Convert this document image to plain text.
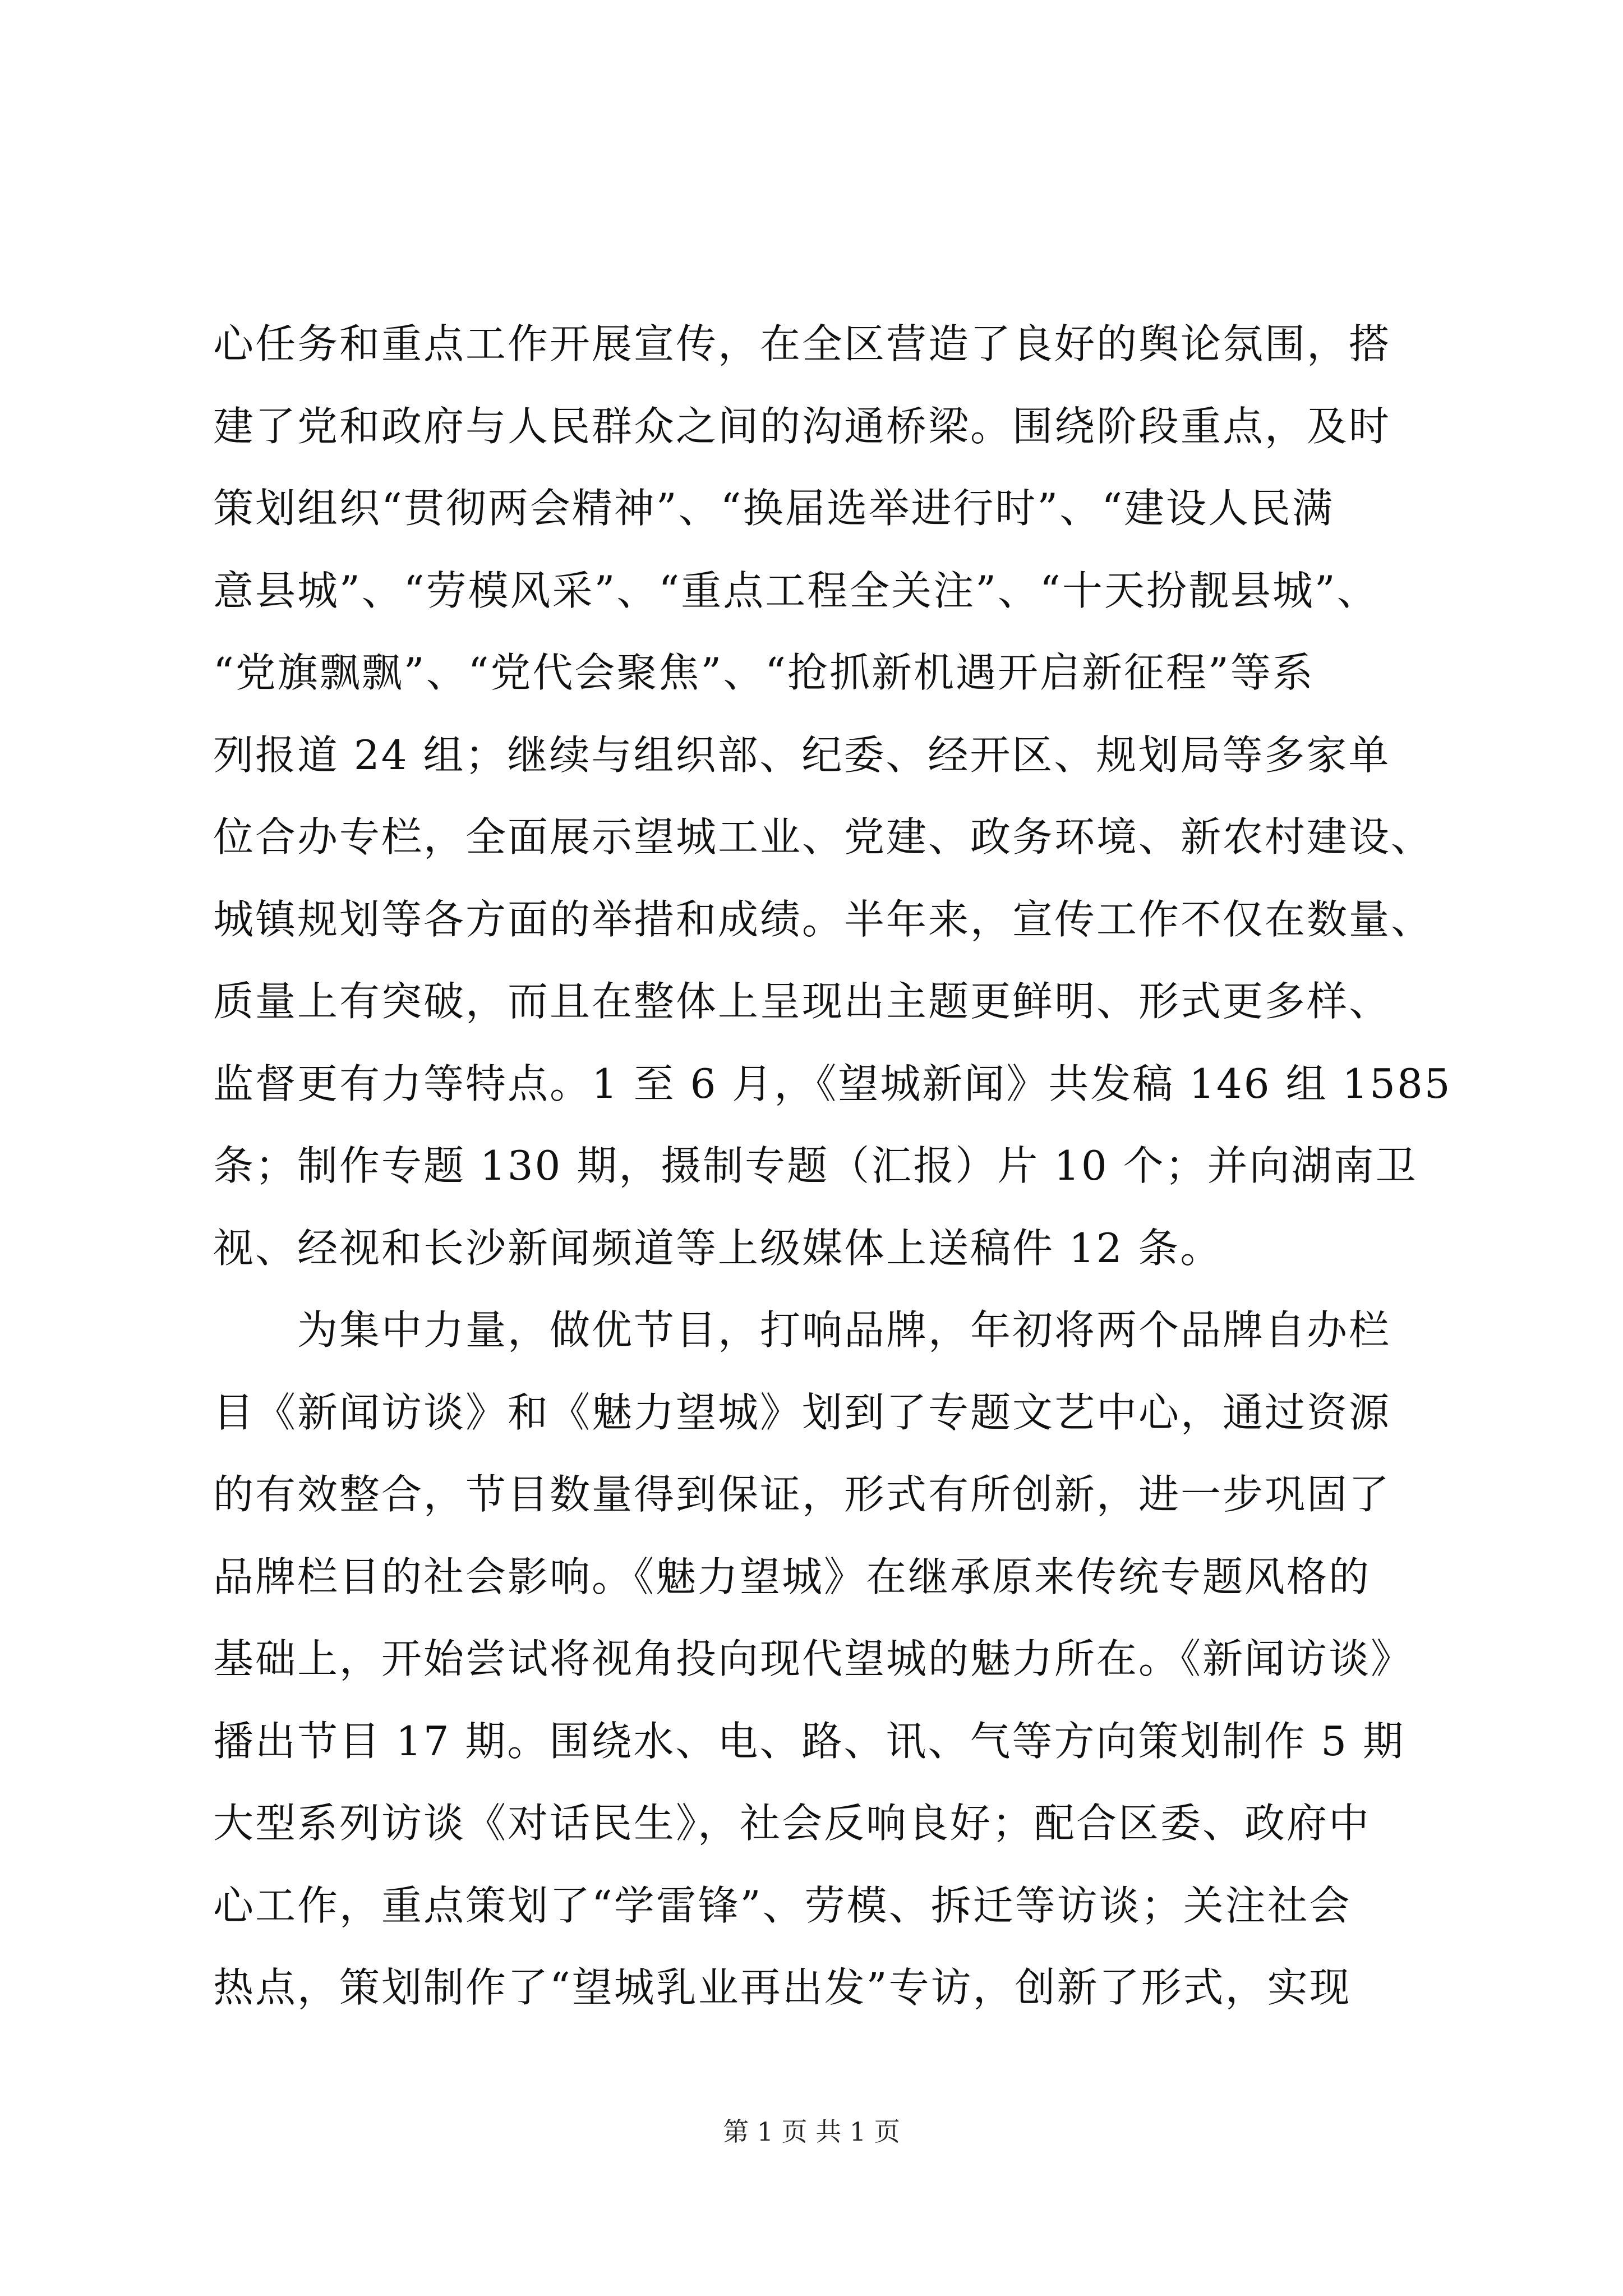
心任务和重点工作开展宣传，在全区营造了良好的舆论氛围，搭
建了党和政府与人民群众之间的沟通桥梁。围绕阶段重点，及时
策划组织“贯彻两会精神”、“换届选举进行时”、“建设人民满
意县城”、“劳模风采”、“重点工程全关注”、“十天扮靓县城”、
“党旗飘飘”、“党代会聚焦”、“抢抓新机遇开启新征程”等系
列报道 24 组；继续与组织部、纪委、经开区、规划局等多家单
位合办专栏，全面展示望城工业、党建、政务环境、新农村建设、
城镇规划等各方面的举措和成绩。半年来，宣传工作不仅在数量、
质量上有突破，而且在整体上呈现出主题更鲜明、形式更多样、
监督更有力等特点。1 至 6 月，《望城新闻》共发稿 146 组 1585
条；制作专题 130 期，摄制专题（汇报）片 10 个；并向湖南卫
视、经视和长沙新闻频道等上级媒体上送稿件 12 条。
　　为集中力量，做优节目，打响品牌，年初将两个品牌自办栏
目《新闻访谈》和《魅力望城》划到了专题文艺中心，通过资源
的有效整合，节目数量得到保证，形式有所创新，进一步巩固了
品牌栏目的社会影响。《魅力望城》在继承原来传统专题风格的
基础上，开始尝试将视角投向现代望城的魅力所在。《新闻访谈》
播出节目 17 期。围绕水、电、路、讯、气等方向策划制作 5 期
大型系列访谈《对话民生》，社会反响良好；配合区委、政府中
心工作，重点策划了“学雷锋”、劳模、拆迁等访谈；关注社会
热点，策划制作了“望城乳业再出发”专访，创新了形式，实现
第 1 页 共 1 页
